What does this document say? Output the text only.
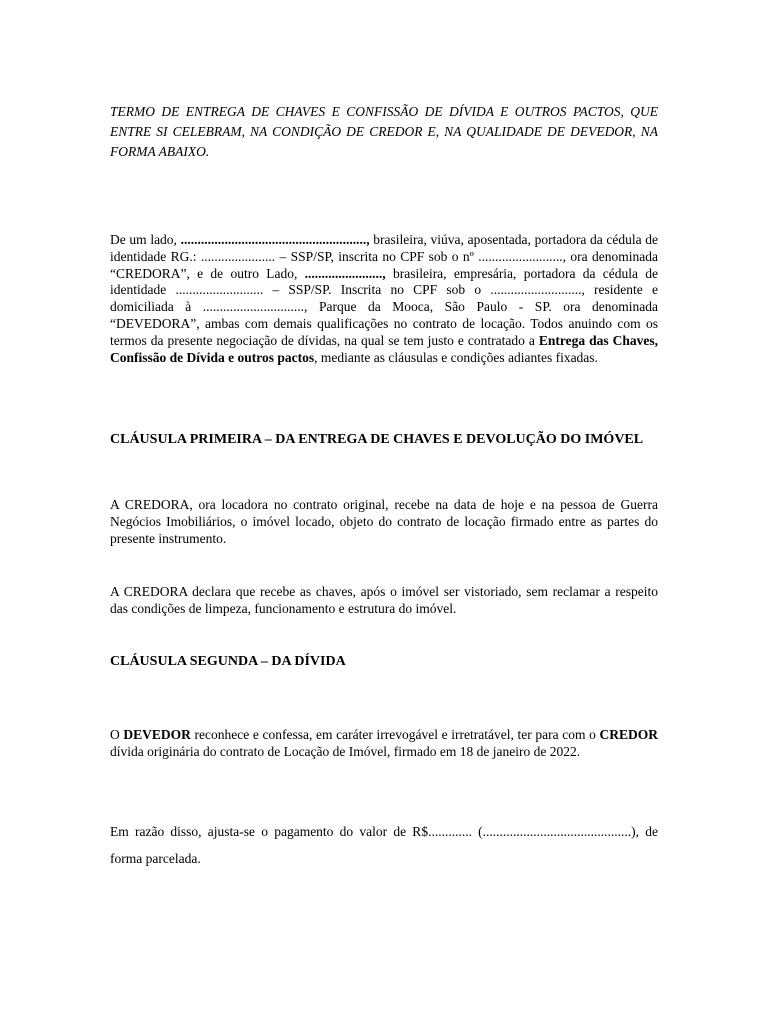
TERMO DE ENTREGA DE CHAVES E CONFISSÃO DE DÍVIDA E OUTROS PACTOS, QUE ENTRE SI CELEBRAM, NA CONDIÇÃO DE CREDOR E, NA QUALIDADE DE DEVEDOR, NA FORMA ABAIXO.
De um lado, ......................................................., brasileira, viúva, aposentada, portadora da cédula de identidade RG.: ...................... – SSP/SP, inscrita no CPF sob o nº ........................., ora denominada “CREDORA”, e de outro Lado, ......................., brasileira, empresária, portadora da cédula de identidade .......................... – SSP/SP. Inscrita no CPF sob o ..........................., residente e domiciliada à .............................., Parque da Mooca, São Paulo - SP. ora denominada “DEVEDORA”, ambas com demais qualificações no contrato de locação. Todos anuindo com os termos da presente negociação de dívidas, na qual se tem justo e contratado a Entrega das Chaves, Confissão de Dívida e outros pactos, mediante as cláusulas e condições adiantes fixadas.
CLÁUSULA PRIMEIRA – DA ENTREGA DE CHAVES E DEVOLUÇÃO DO IMÓVEL
A CREDORA, ora locadora no contrato original, recebe na data de hoje e na pessoa de Guerra Negócios Imobiliários, o imóvel locado, objeto do contrato de locação firmado entre as partes do presente instrumento.
A CREDORA declara que recebe as chaves, após o imóvel ser vistoriado, sem reclamar a respeito das condições de limpeza, funcionamento e estrutura do imóvel.
CLÁUSULA SEGUNDA – DA DÍVIDA
O DEVEDOR reconhece e confessa, em caráter irrevogável e irretratável, ter para com o CREDOR dívida originária do contrato de Locação de Imóvel, firmado em 18 de janeiro de 2022.
Em razão disso, ajusta-se o pagamento do valor de R$............. (............................................), de forma parcelada.
